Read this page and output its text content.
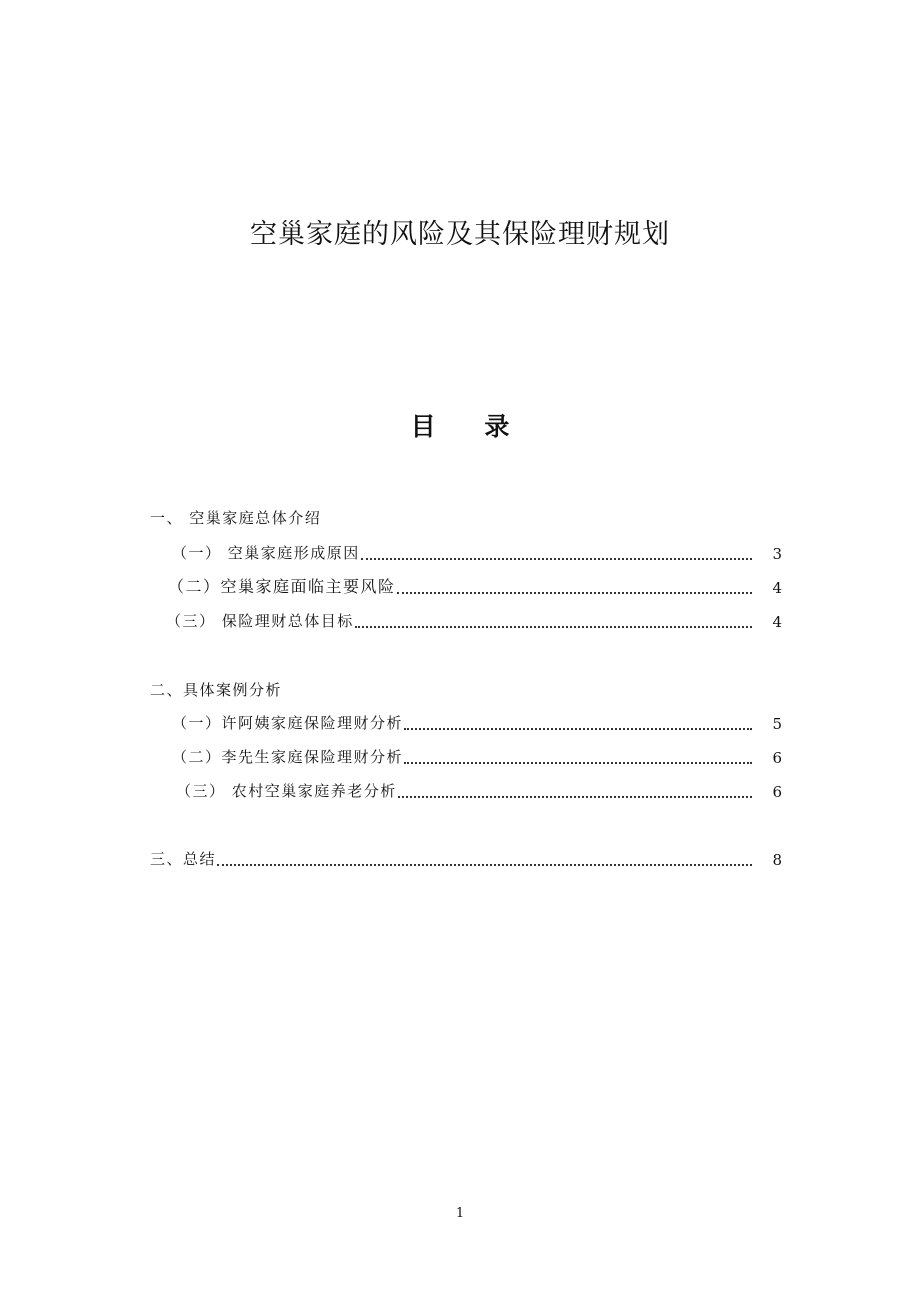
空巢家庭的风险及其保险理财规划
目 录
一、 空巢家庭总体介绍
（一） 空巢家庭形成原因	3
（二）空巢家庭面临主要风险	4
（三） 保险理财总体目标	4
二、具体案例分析
（一）许阿姨家庭保险理财分析	5
（二）李先生家庭保险理财分析	6
（三） 农村空巢家庭养老分析	6
三、总结	8
1
